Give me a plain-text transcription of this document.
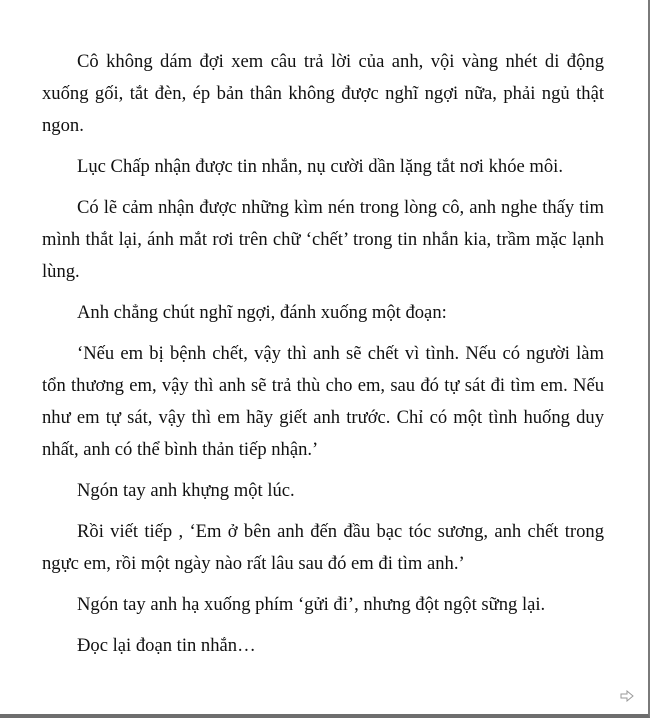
Cô không dám đợi xem câu trả lời của anh, vội vàng nhét di động xuống gối, tắt đèn, ép bản thân không được nghĩ ngợi nữa, phải ngủ thật ngon.

Lục Chấp nhận được tin nhắn, nụ cười dần lặng tắt nơi khóe môi.

Có lẽ cảm nhận được những kìm nén trong lòng cô, anh nghe thấy tim mình thắt lại, ánh mắt rơi trên chữ ‘chết’ trong tin nhắn kia, trầm mặc lạnh lùng.

Anh chẳng chút nghĩ ngợi, đánh xuống một đoạn:

‘Nếu em bị bệnh chết, vậy thì anh sẽ chết vì tình. Nếu có người làm tổn thương em, vậy thì anh sẽ trả thù cho em, sau đó tự sát đi tìm em. Nếu như em tự sát, vậy thì em hãy giết anh trước. Chỉ có một tình huống duy nhất, anh có thể bình thản tiếp nhận.’

Ngón tay anh khựng một lúc.

Rồi viết tiếp , ‘Em ở bên anh đến đầu bạc tóc sương, anh chết trong ngực em, rồi một ngày nào rất lâu sau đó em đi tìm anh.’

Ngón tay anh hạ xuống phím ‘gửi đi’, nhưng đột ngột sững lại.

Đọc lại đoạn tin nhắn…
